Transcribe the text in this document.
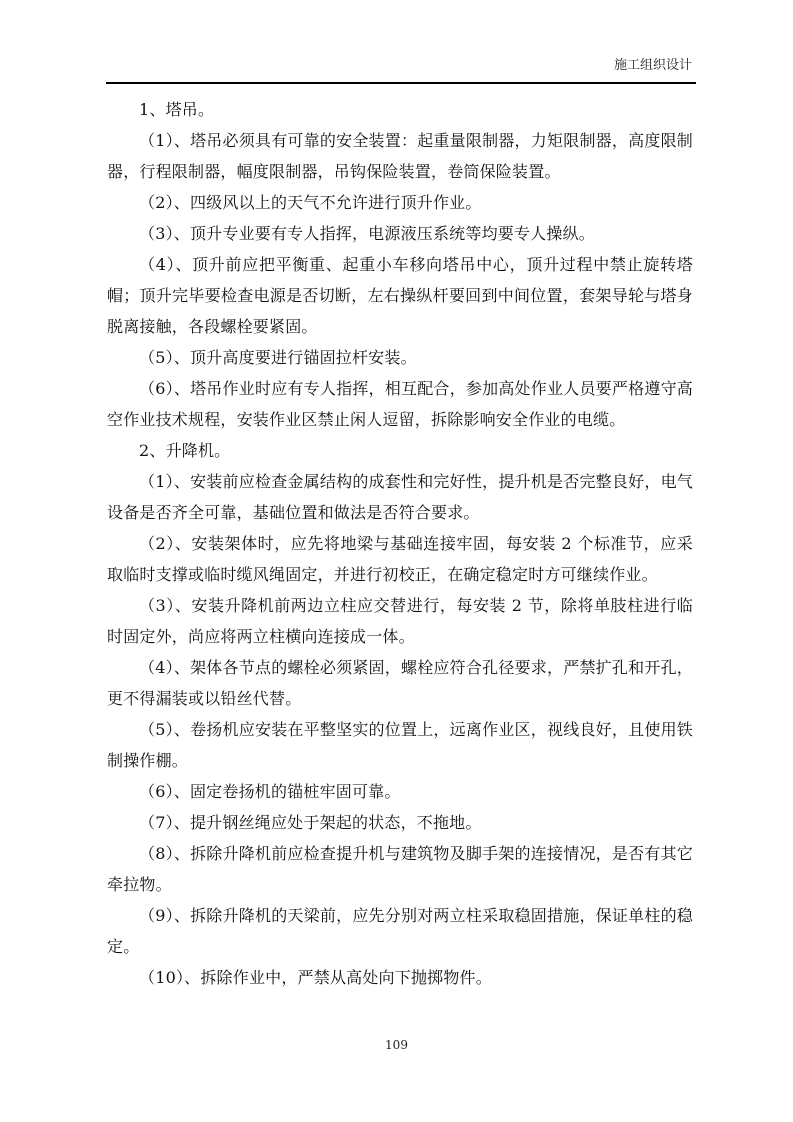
施工组织设计

1、塔吊。

（1）、塔吊必须具有可靠的安全装置：起重量限制器，力矩限制器，高度限制器，行程限制器，幅度限制器，吊钩保险装置，卷筒保险装置。

（2）、四级风以上的天气不允许进行顶升作业。

（3）、顶升专业要有专人指挥，电源液压系统等均要专人操纵。

（4）、顶升前应把平衡重、起重小车移向塔吊中心，顶升过程中禁止旋转塔帽；顶升完毕要检查电源是否切断，左右操纵杆要回到中间位置，套架导轮与塔身脱离接触，各段螺栓要紧固。

（5）、顶升高度要进行锚固拉杆安装。

（6）、塔吊作业时应有专人指挥，相互配合，参加高处作业人员要严格遵守高空作业技术规程，安装作业区禁止闲人逗留，拆除影响安全作业的电缆。

2、升降机。

（1）、安装前应检查金属结构的成套性和完好性，提升机是否完整良好，电气设备是否齐全可靠，基础位置和做法是否符合要求。

（2）、安装架体时，应先将地梁与基础连接牢固，每安装 2 个标准节，应采取临时支撑或临时缆风绳固定，并进行初校正，在确定稳定时方可继续作业。

（3）、安装升降机前两边立柱应交替进行，每安装 2 节，除将单肢柱进行临时固定外，尚应将两立柱横向连接成一体。

（4）、架体各节点的螺栓必须紧固，螺栓应符合孔径要求，严禁扩孔和开孔，更不得漏装或以铅丝代替。

（5）、卷扬机应安装在平整坚实的位置上，远离作业区，视线良好，且使用铁制操作棚。

（6）、固定卷扬机的锚桩牢固可靠。

（7）、提升钢丝绳应处于架起的状态，不拖地。

（8）、拆除升降机前应检查提升机与建筑物及脚手架的连接情况，是否有其它牵拉物。

（9）、拆除升降机的天梁前，应先分别对两立柱采取稳固措施，保证单柱的稳定。

（10）、拆除作业中，严禁从高处向下抛掷物件。

109
